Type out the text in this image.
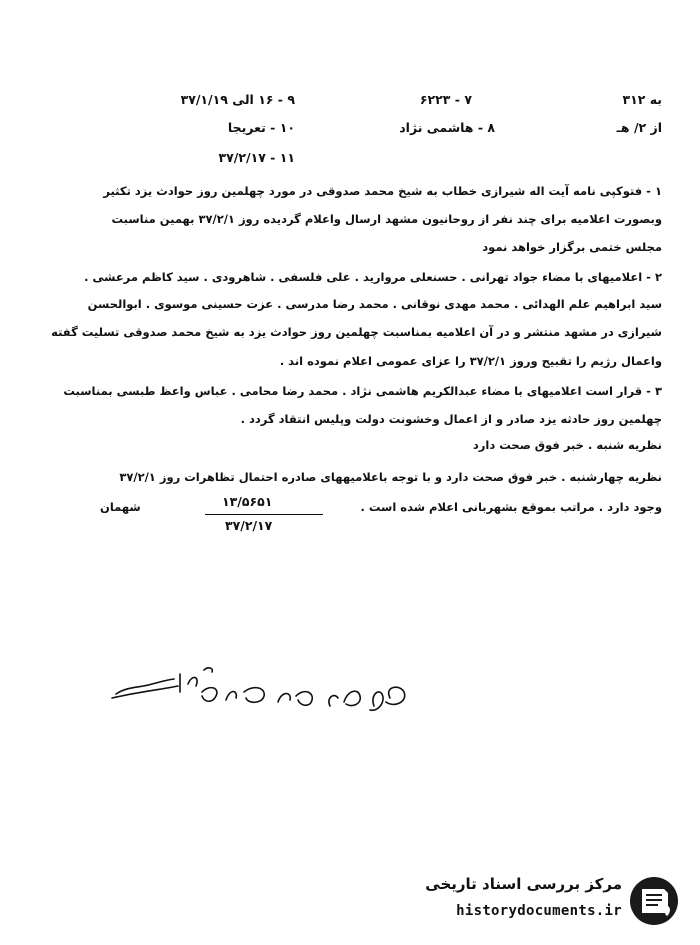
به ۳۱۲
۷ - ۶۲۲۳
۹ - ۱۶ الی ۳۷/۱/۱۹
از ۲/ هـ
۸ - هاشمی نژاد
۱۰ - تعریجا
۱۱ - ۳۷/۲/۱۷
۱ - فتوکپی نامه آیت اله شیرازی خطاب به شیخ محمد صدوقی در مورد چهلمین روز حوادث یزد تکثیر
وبصورت اعلامیه برای چند نفر از روحانیون مشهد ارسال واعلام گردیده روز ۳۷/۲/۱ بهمین مناسبت
مجلس ختمی برگزار خواهد نمود
۲ - اعلامیهای با مضاء جواد تهرانی . حسنعلی مروارید . علی فلسفی . شاهرودی . سید کاظم مرعشی .
سید ابراهیم علم الهدائی . محمد مهدی نوقانی . محمد رضا مدرسی . عزت حسینی موسوی . ابوالحسن
شیرازی در مشهد منتشر و در آن اعلامیه بمناسبت چهلمین روز حوادث یزد به شیخ محمد صدوقی تسلیت گفته
واعمال رژیم را تقبیح وروز ۳۷/۲/۱ را عزای عمومی اعلام نموده اند .
۳ - قرار است اعلامیهای با مضاء عبدالکریم هاشمی نژاد . محمد رضا محامی . عباس واعظ طبسی بمناسبت
چهلمین روز حادثه یزد صادر و از اعمال وخشونت دولت وپلیس انتقاد گردد .
نظریه شنبه . خبر فوق صحت دارد
نظریه چهارشنبه . خبر فوق صحت دارد و با توجه باعلامیههای صادره احتمال تظاهرات روز ۳۷/۲/۱
وجود دارد . مراتب بموقع بشهربانی اعلام شده است .
۱۳/۵۶۵۱
۳۷/۲/۱۷
شهمان
مرکز بررسی اسناد تاریخی
historydocuments.ir
